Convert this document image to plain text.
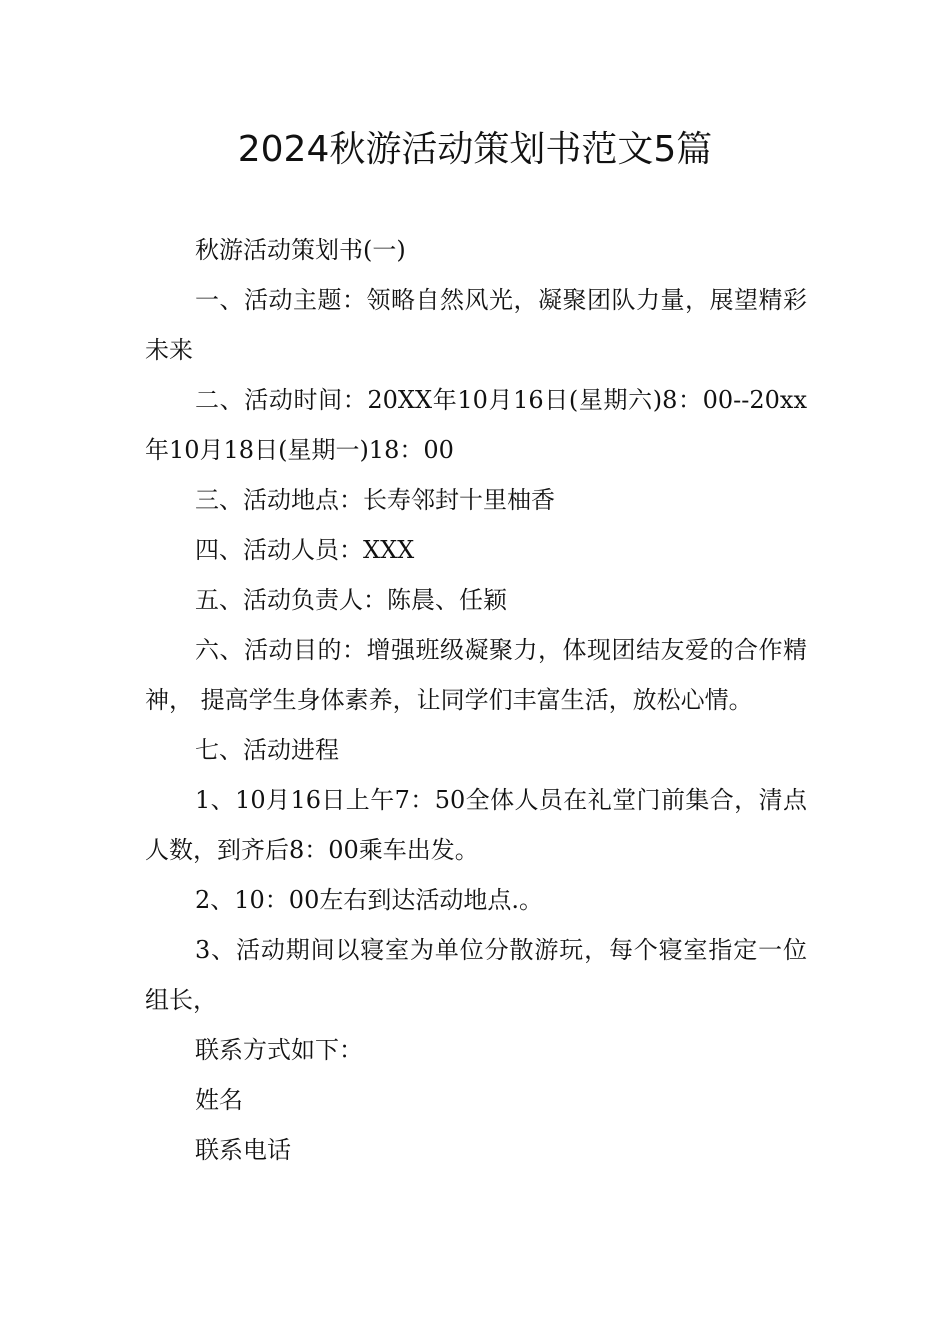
2024秋游活动策划书范文5篇

秋游活动策划书(一)

一、活动主题：领略自然风光，凝聚团队力量，展望精彩未来

二、活动时间：20XX年10月16日(星期六)8：00--20xx年10月18日(星期一)18：00

三、活动地点：长寿邻封十里柚香

四、活动人员：XXX

五、活动负责人：陈晨、任颖

六、活动目的：增强班级凝聚力，体现团结友爱的合作精神， 提高学生身体素养，让同学们丰富生活，放松心情。

七、活动进程

1、10月16日上午7：50全体人员在礼堂门前集合，清点人数，到齐后8：00乘车出发。

2、10：00左右到达活动地点.。

3、活动期间以寝室为单位分散游玩，每个寝室指定一位组长，

联系方式如下：

姓名

联系电话
